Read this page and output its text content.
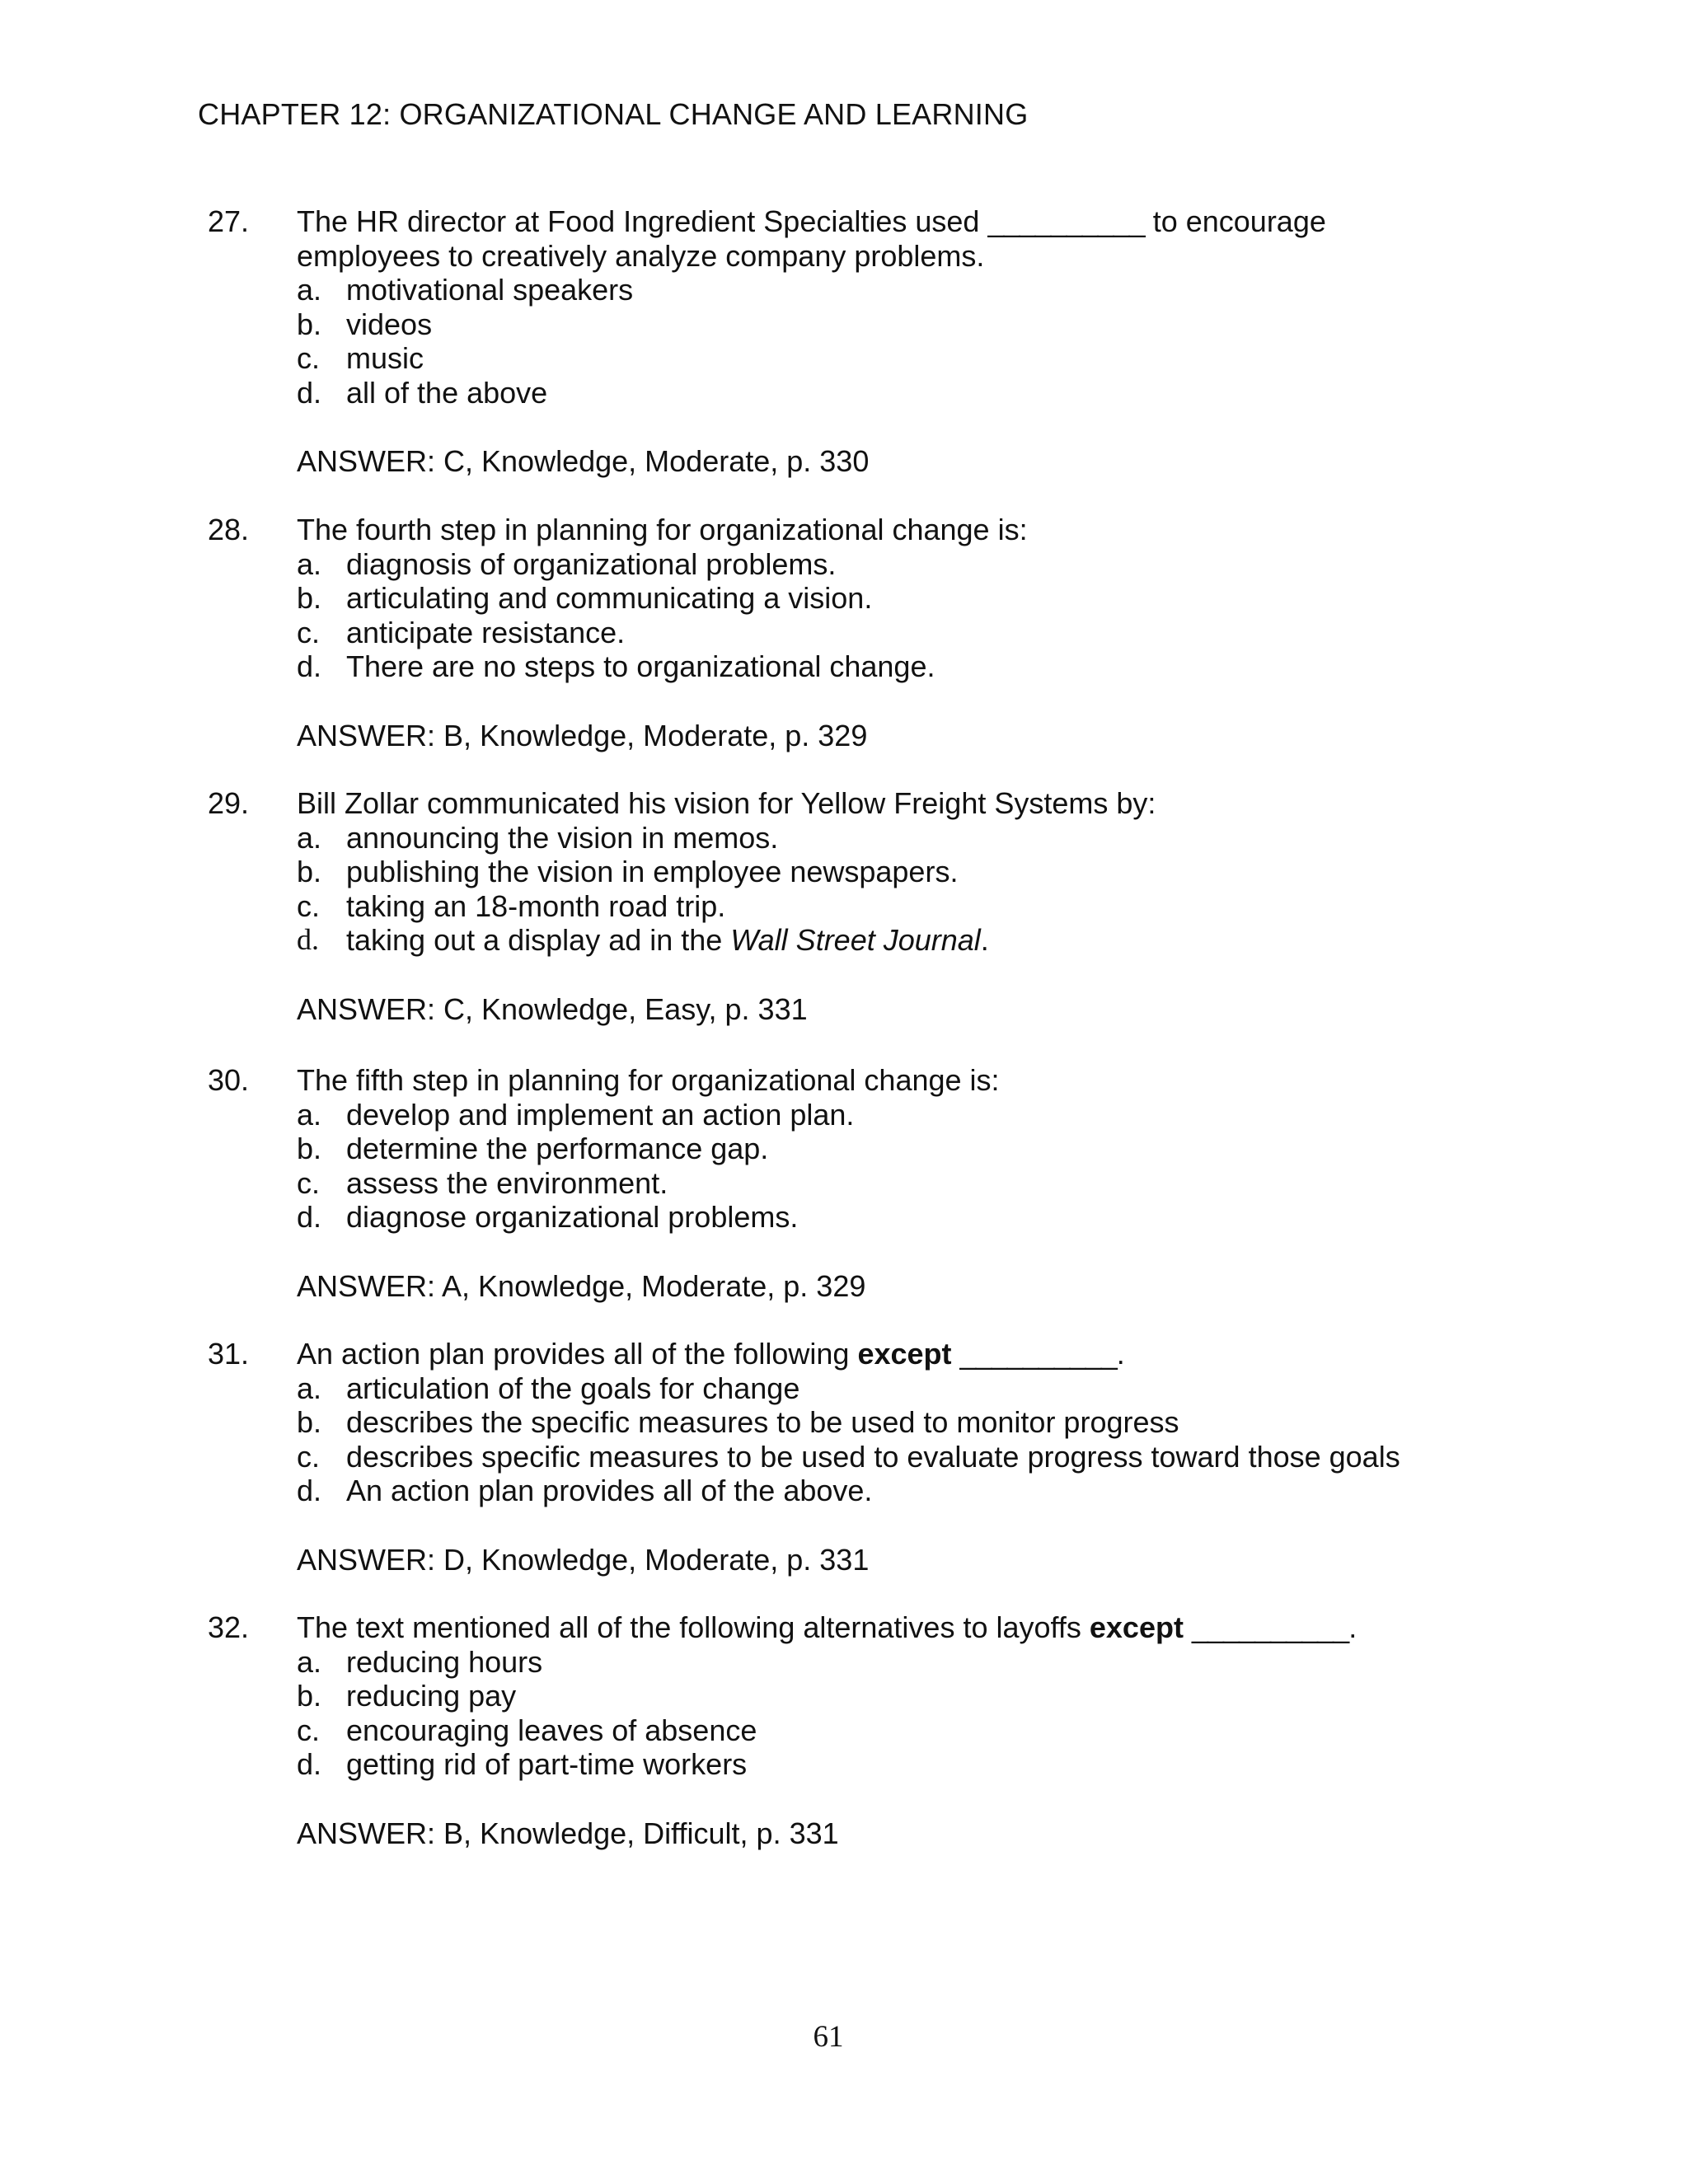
CHAPTER 12: ORGANIZATIONAL CHANGE AND LEARNING
27. The HR director at Food Ingredient Specialties used __________ to encourage employees to creatively analyze company problems.
a. motivational speakers
b. videos
c. music
d. all of the above
ANSWER: C, Knowledge, Moderate, p. 330
28. The fourth step in planning for organizational change is:
a. diagnosis of organizational problems.
b. articulating and communicating a vision.
c. anticipate resistance.
d. There are no steps to organizational change.
ANSWER: B, Knowledge, Moderate, p. 329
29. Bill Zollar communicated his vision for Yellow Freight Systems by:
a. announcing the vision in memos.
b. publishing the vision in employee newspapers.
c. taking an 18-month road trip.
d. taking out a display ad in the Wall Street Journal.
ANSWER: C, Knowledge, Easy, p. 331
30. The fifth step in planning for organizational change is:
a. develop and implement an action plan.
b. determine the performance gap.
c. assess the environment.
d. diagnose organizational problems.
ANSWER: A, Knowledge, Moderate, p. 329
31. An action plan provides all of the following except __________.
a. articulation of the goals for change
b. describes the specific measures to be used to monitor progress
c. describes specific measures to be used to evaluate progress toward those goals
d. An action plan provides all of the above.
ANSWER: D, Knowledge, Moderate, p. 331
32. The text mentioned all of the following alternatives to layoffs except __________.
a. reducing hours
b. reducing pay
c. encouraging leaves of absence
d. getting rid of part-time workers
ANSWER: B, Knowledge, Difficult, p. 331
61
